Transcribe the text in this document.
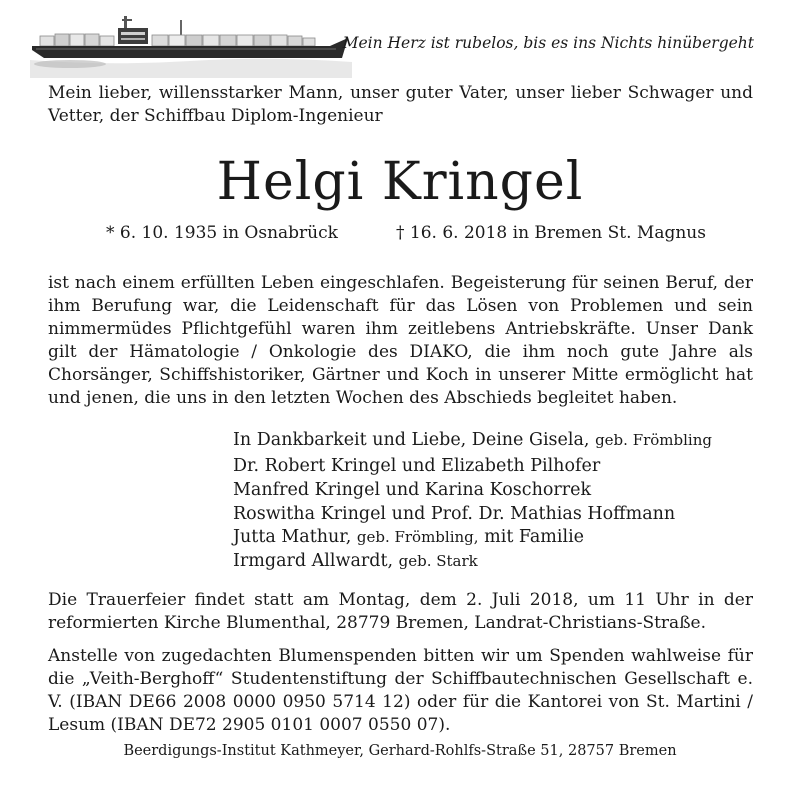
Mein Herz ist rubelos, bis es ins Nichts hinübergeht
Mein lieber, willensstarker Mann, unser guter Vater, unser lieber Schwager und Vetter, der Schiffbau Diplom-Ingenieur
Helgi Kringel
* 6. 10. 1935 in Osnabrück	† 16. 6. 2018 in Bremen St. Magnus
ist nach einem erfüllten Leben eingeschlafen. Begeisterung für seinen Beruf, der ihm Berufung war, die Leidenschaft für das Lösen von Problemen und sein nimmermüdes Pflichtgefühl waren ihm zeitlebens Antriebskräfte. Unser Dank gilt der Hämatologie / Onkologie des DIAKO, die ihm noch gute Jahre als Chorsänger, Schiffshistoriker, Gärtner und Koch in unserer Mitte ermöglicht hat und jenen, die uns in den letzten Wochen des Abschieds begleitet haben.
In Dankbarkeit und Liebe, Deine Gisela, geb. Frömbling
Dr. Robert Kringel und Elizabeth Pilhofer
Manfred Kringel und Karina Koschorrek
Roswitha Kringel und Prof. Dr. Mathias Hoffmann
Jutta Mathur, geb. Frömbling, mit Familie
Irmgard Allwardt, geb. Stark
Die Trauerfeier findet statt am Montag, dem 2. Juli 2018, um 11 Uhr in der reformierten Kirche Blumenthal, 28779 Bremen, Landrat-Christians-Straße.
Anstelle von zugedachten Blumenspenden bitten wir um Spenden wahlweise für die „Veith-Berghoff“ Studentenstiftung der Schiffbautechnischen Gesellschaft e. V. (IBAN DE66 2008 0000 0950 5714 12) oder für die Kantorei von St. Martini / Lesum (IBAN DE72 2905 0101 0007 0550 07).
Beerdigungs-Institut Kathmeyer, Gerhard-Rohlfs-Straße 51, 28757 Bremen
